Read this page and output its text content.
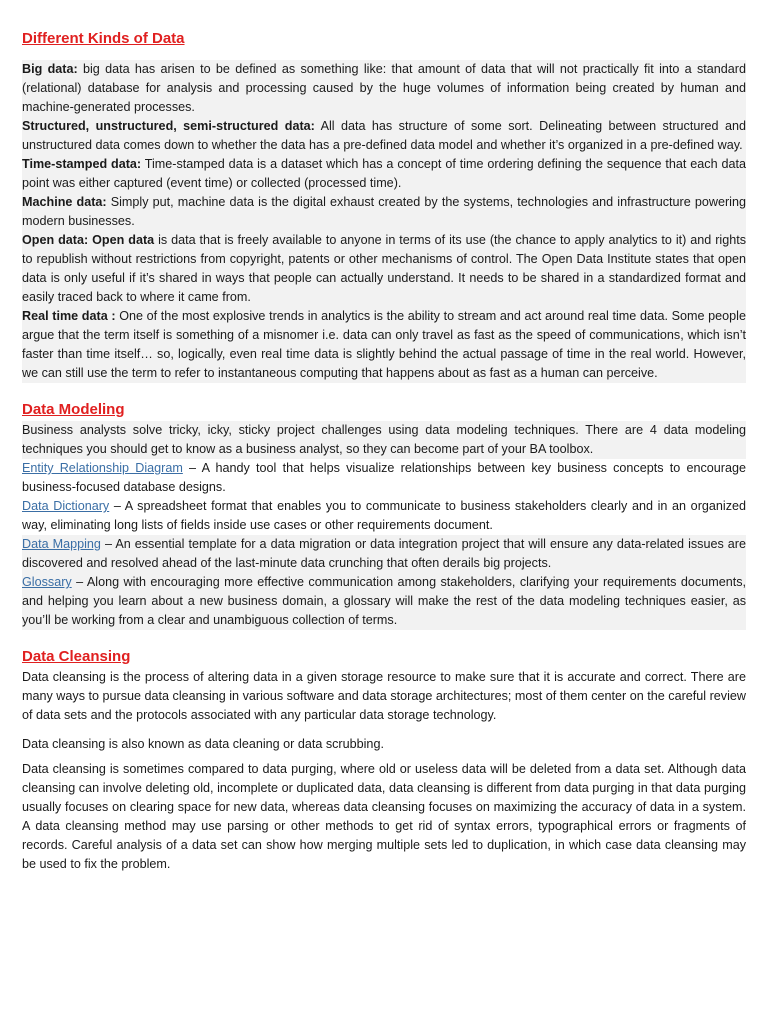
Different Kinds of Data

Big data: big data has arisen to be defined as something like: that amount of data that will not practically fit into a standard (relational) database for analysis and processing caused by the huge volumes of information being created by human and machine-generated processes.

Structured, unstructured, semi-structured data: All data has structure of some sort. Delineating between structured and unstructured data comes down to whether the data has a pre-defined data model and whether it’s organized in a pre-defined way.

Time-stamped data: Time-stamped data is a dataset which has a concept of time ordering defining the sequence that each data point was either captured (event time) or collected (processed time).

Machine data: Simply put, machine data is the digital exhaust created by the systems, technologies and infrastructure powering modern businesses.

Open data: Open data is data that is freely available to anyone in terms of its use (the chance to apply analytics to it) and rights to republish without restrictions from copyright, patents or other mechanisms of control. The Open Data Institute states that open data is only useful if it’s shared in ways that people can actually understand. It needs to be shared in a standardized format and easily traced back to where it came from.

Real time data : One of the most explosive trends in analytics is the ability to stream and act around real time data. Some people argue that the term itself is something of a misnomer i.e. data can only travel as fast as the speed of communications, which isn’t faster than time itself… so, logically, even real time data is slightly behind the actual passage of time in the real world. However, we can still use the term to refer to instantaneous computing that happens about as fast as a human can perceive.

Data Modeling

Business analysts solve tricky, icky, sticky project challenges using data modeling techniques. There are 4 data modeling techniques you should get to know as a business analyst, so they can become part of your BA toolbox.

Entity Relationship Diagram – A handy tool that helps visualize relationships between key business concepts to encourage business-focused database designs.

Data Dictionary – A spreadsheet format that enables you to communicate to business stakeholders clearly and in an organized way, eliminating long lists of fields inside use cases or other requirements document.

Data Mapping – An essential template for a data migration or data integration project that will ensure any data-related issues are discovered and resolved ahead of the last-minute data crunching that often derails big projects.

Glossary – Along with encouraging more effective communication among stakeholders, clarifying your requirements documents, and helping you learn about a new business domain, a glossary will make the rest of the data modeling techniques easier, as you’ll be working from a clear and unambiguous collection of terms.

Data Cleansing

Data cleansing is the process of altering data in a given storage resource to make sure that it is accurate and correct. There are many ways to pursue data cleansing in various software and data storage architectures; most of them center on the careful review of data sets and the protocols associated with any particular data storage technology.

Data cleansing is also known as data cleaning or data scrubbing.

Data cleansing is sometimes compared to data purging, where old or useless data will be deleted from a data set. Although data cleansing can involve deleting old, incomplete or duplicated data, data cleansing is different from data purging in that data purging usually focuses on clearing space for new data, whereas data cleansing focuses on maximizing the accuracy of data in a system. A data cleansing method may use parsing or other methods to get rid of syntax errors, typographical errors or fragments of records. Careful analysis of a data set can show how merging multiple sets led to duplication, in which case data cleansing may be used to fix the problem.
